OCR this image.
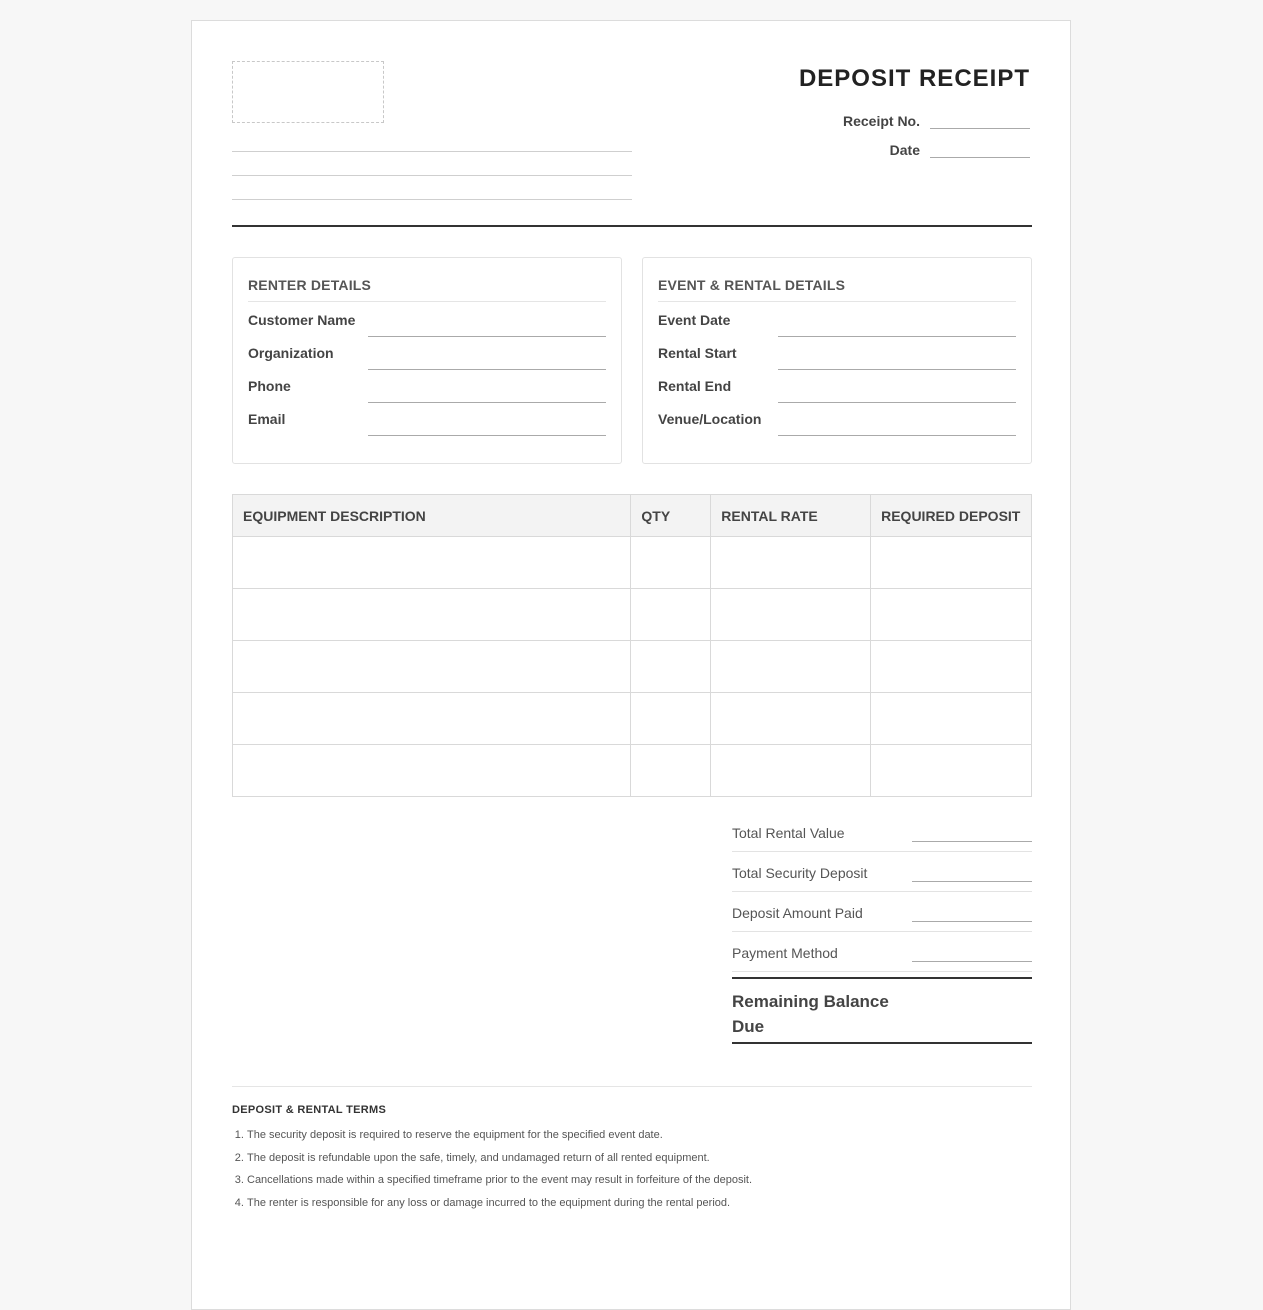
DEPOSIT RECEIPT
Receipt No.
Date
RENTER DETAILS
Customer Name
Organization
Phone
Email
EVENT & RENTAL DETAILS
Event Date
Rental Start
Rental End
Venue/Location
EQUIPMENT DESCRIPTION	QTY	RENTAL RATE	REQUIRED DEPOSIT

Total Rental Value
Total Security Deposit
Deposit Amount Paid
Payment Method
Remaining Balance Due
DEPOSIT & RENTAL TERMS
1. The security deposit is required to reserve the equipment for the specified event date.
2. The deposit is refundable upon the safe, timely, and undamaged return of all rented equipment.
3. Cancellations made within a specified timeframe prior to the event may result in forfeiture of the deposit.
4. The renter is responsible for any loss or damage incurred to the equipment during the rental period.
